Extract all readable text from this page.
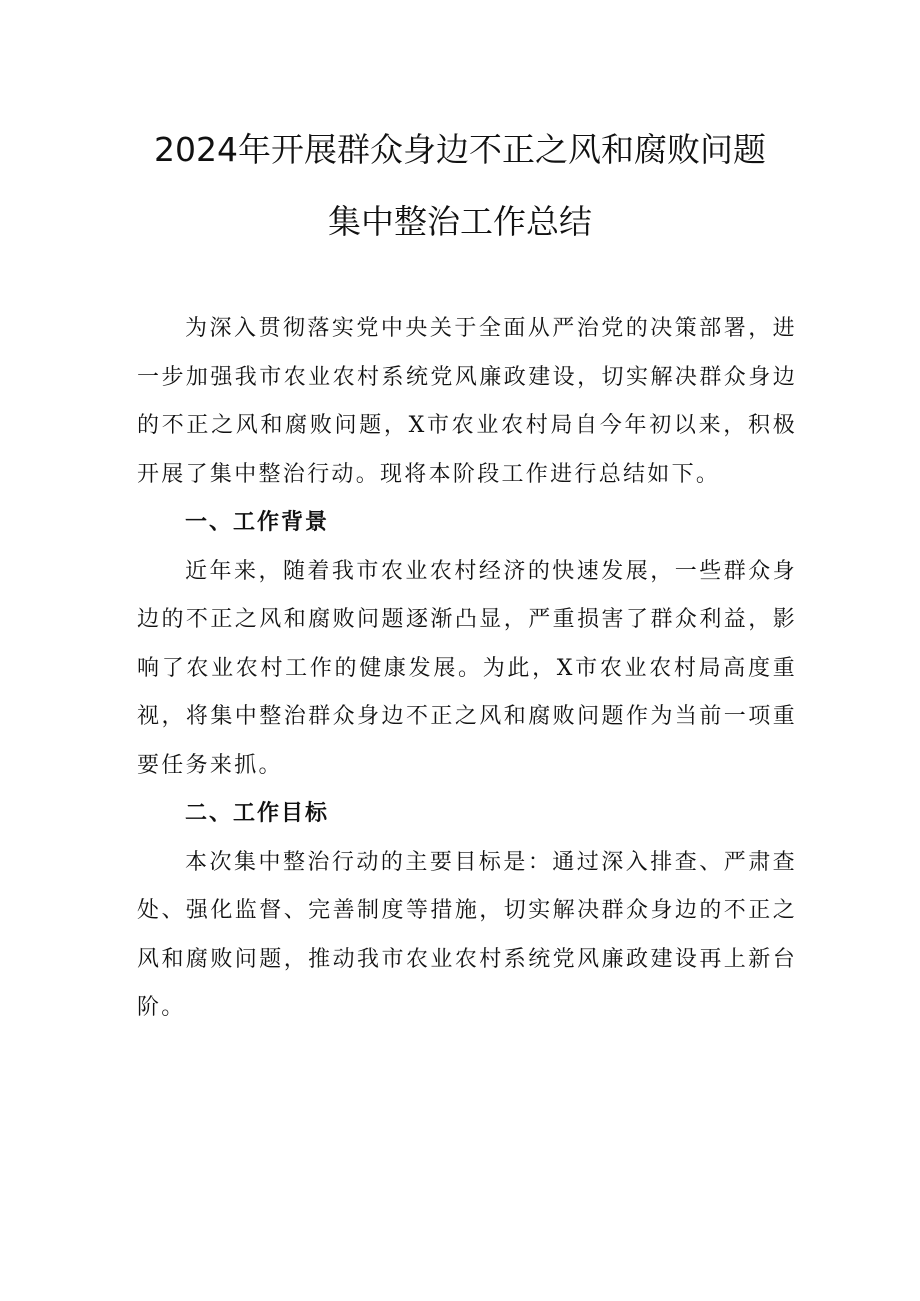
2024年开展群众身边不正之风和腐败问题
集中整治工作总结

为深入贯彻落实党中央关于全面从严治党的决策部署，进一步加强我市农业农村系统党风廉政建设，切实解决群众身边的不正之风和腐败问题，X市农业农村局自今年初以来，积极开展了集中整治行动。现将本阶段工作进行总结如下。

一、工作背景

近年来，随着我市农业农村经济的快速发展，一些群众身边的不正之风和腐败问题逐渐凸显，严重损害了群众利益，影响了农业农村工作的健康发展。为此，X市农业农村局高度重视，将集中整治群众身边不正之风和腐败问题作为当前一项重要任务来抓。

二、工作目标

本次集中整治行动的主要目标是：通过深入排查、严肃查处、强化监督、完善制度等措施，切实解决群众身边的不正之风和腐败问题，推动我市农业农村系统党风廉政建设再上新台阶。
